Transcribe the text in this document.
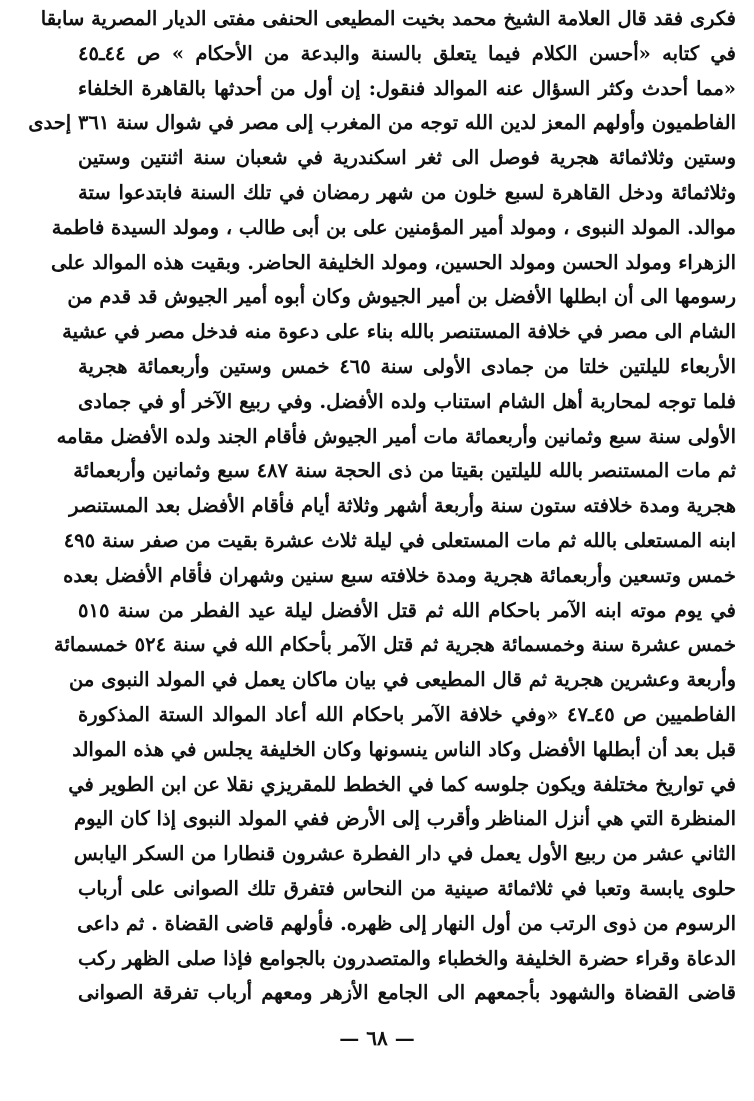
فكرى فقد قال العلامة الشيخ محمد بخيت المطيعى الحنفى مفتى الديار المصرية سابقا
في كتابه «أحسن الكلام فيما يتعلق بالسنة والبدعة من الأحكام » ص ٤٤ـ٤٥
«مما أحدث وكثر السؤال عنه الموالد فنقول: إن أول من أحدثها بالقاهرة الخلفاء
الفاطميون وأولهم المعز لدين الله توجه من المغرب إلى مصر في شوال سنة ٣٦١ إحدى
وستين وثلاثمائة هجرية فوصل الى ثغر اسكندرية في شعبان سنة اثنتين وستين
وثلاثمائة ودخل القاهرة لسبع خلون من شهر رمضان في تلك السنة فابتدعوا ستة
موالد. المولد النبوى ، ومولد أمير المؤمنين على بن أبى طالب ، ومولد السيدة فاطمة
الزهراء ومولد الحسن ومولد الحسين، ومولد الخليفة الحاضر. وبقيت هذه الموالد على
رسومها الى أن ابطلها الأفضل بن أمير الجيوش وكان أبوه أمير الجيوش قد قدم من
الشام الى مصر في خلافة المستنصر بالله بناء على دعوة منه فدخل مصر في عشية
الأربعاء لليلتين خلتا من جمادى الأولى سنة ٤٦٥ خمس وستين وأربعمائة هجرية
فلما توجه لمحاربة أهل الشام استناب ولده الأفضل. وفي ربيع الآخر أو في جمادى
الأولى سنة سبع وثمانين وأربعمائة مات أمير الجيوش فأقام الجند ولده الأفضل مقامه
ثم مات المستنصر بالله لليلتين بقيتا من ذى الحجة سنة ٤٨٧ سبع وثمانين وأربعمائة
هجرية ومدة خلافته ستون سنة وأربعة أشهر وثلاثة أيام فأقام الأفضل بعد المستنصر
ابنه المستعلى بالله ثم مات المستعلى في ليلة ثلاث عشرة بقيت من صفر سنة ٤٩٥
خمس وتسعين وأربعمائة هجرية ومدة خلافته سبع سنين وشهران فأقام الأفضل بعده
في يوم موته ابنه الآمر باحكام الله ثم قتل الأفضل ليلة عيد الفطر من سنة ٥١٥
خمس عشرة سنة وخمسمائة هجرية ثم قتل الآمر بأحكام الله في سنة ٥٢٤ خمسمائة
وأربعة وعشرين هجرية ثم قال المطيعى في بيان ماكان يعمل في المولد النبوى من
الفاطميين ص ٤٥ـ٤٧ «وفي خلافة الآمر باحكام الله أعاد الموالد الستة المذكورة
قبل بعد أن أبطلها الأفضل وكاد الناس ينسونها وكان الخليفة يجلس في هذه الموالد
في تواريخ مختلفة ويكون جلوسه كما في الخطط للمقريزي نقلا عن ابن الطوير في
المنظرة التي هي أنزل المناظر وأقرب إلى الأرض ففي المولد النبوى إذا كان اليوم
الثاني عشر من ربيع الأول يعمل في دار الفطرة عشرون قنطارا من السكر اليابس
حلوى يابسة وتعبا في ثلاثمائة صينية من النحاس فتفرق تلك الصوانى على أرباب
الرسوم من ذوى الرتب من أول النهار إلى ظهره. فأولهم قاضى القضاة . ثم داعى
الدعاة وقراء حضرة الخليفة والخطباء والمتصدرون بالجوامع فإذا صلى الظهر ركب
قاضى القضاة والشهود بأجمعهم الى الجامع الأزهر ومعهم أرباب تفرقة الصوانى
— ٦٨ —
